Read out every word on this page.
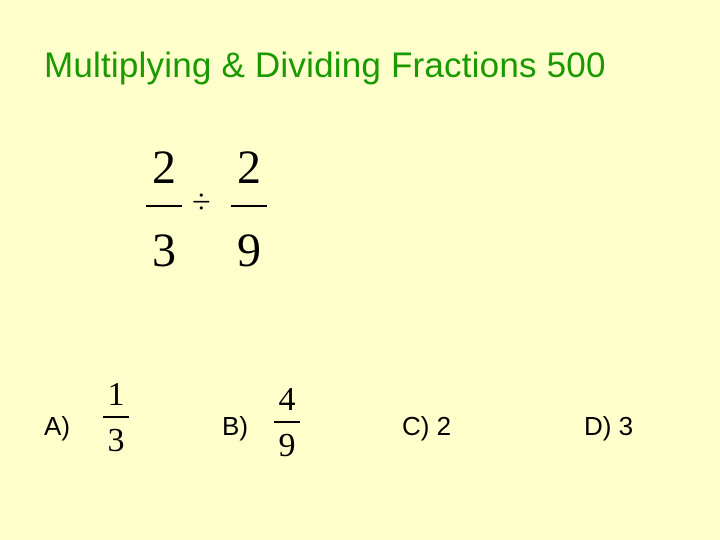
Multiplying & Dividing Fractions 500
2
3
÷
2
9
A)
1
3	B)
4
9
C) 2	D) 3
